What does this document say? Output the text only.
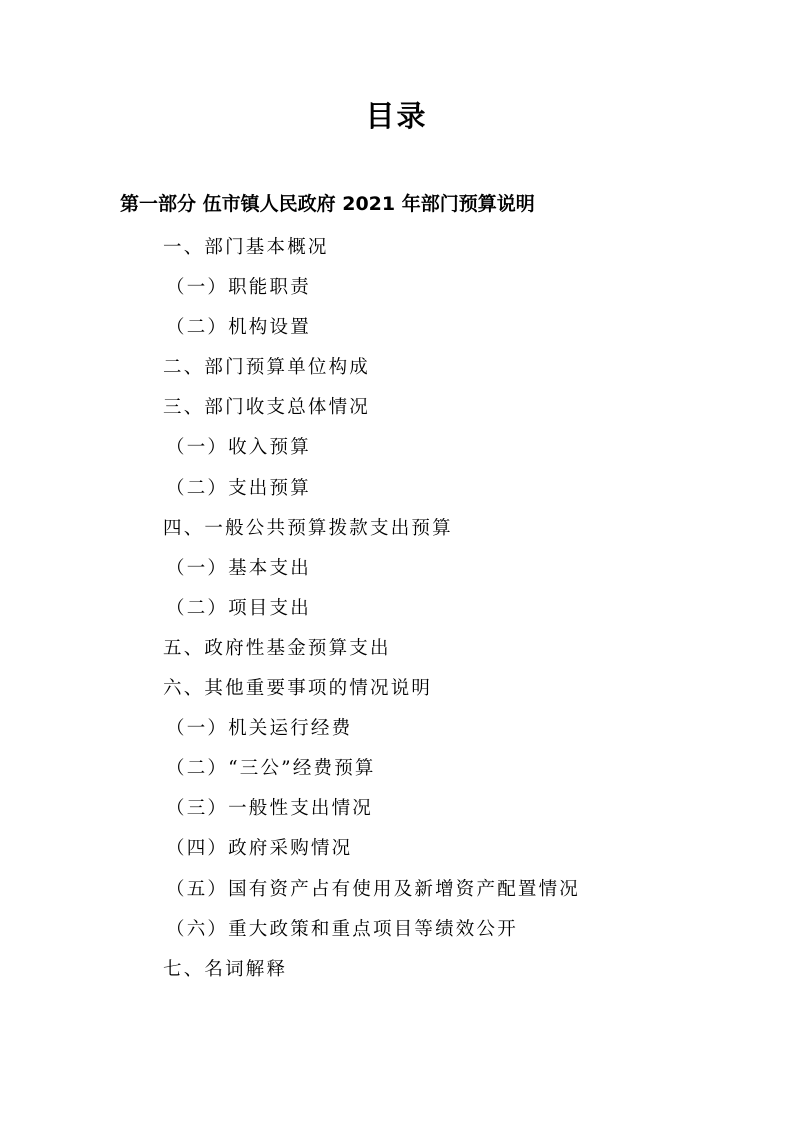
目录
第一部分 伍市镇人民政府 2021 年部门预算说明
一、部门基本概况
（一）职能职责
（二）机构设置
二、部门预算单位构成
三、部门收支总体情况
（一）收入预算
（二）支出预算
四、一般公共预算拨款支出预算
（一）基本支出
（二）项目支出
五、政府性基金预算支出
六、其他重要事项的情况说明
（一）机关运行经费
（二）“三公”经费预算
（三）一般性支出情况
（四）政府采购情况
（五）国有资产占有使用及新增资产配置情况
（六）重大政策和重点项目等绩效公开
七、名词解释
